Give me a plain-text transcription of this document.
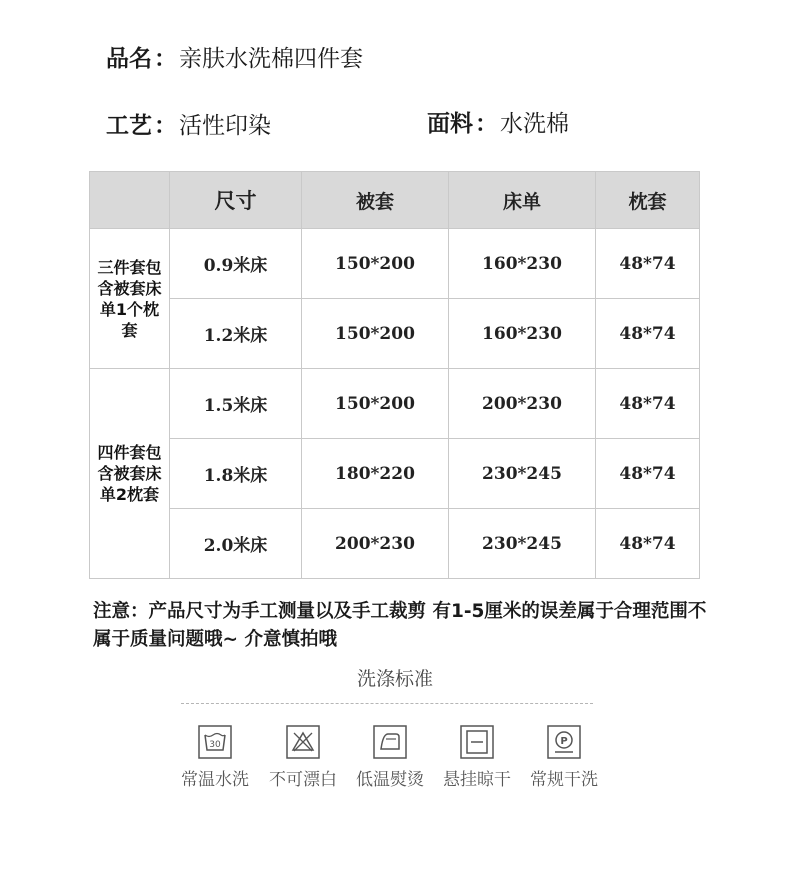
品名：亲肤水洗棉四件套
工艺：活性印染	面料：水洗棉
	尺寸	被套	床单	枕套
三件套包含被套床单1个枕套	0.9米床	150*200	160*230	48*74
	1.2米床	150*200	160*230	48*74
四件套包含被套床单2枕套	1.5米床	150*200	200*230	48*74
	1.8米床	180*220	230*245	48*74
	2.0米床	200*230	230*245	48*74
注意：产品尺寸为手工测量以及手工裁剪 有1-5厘米的误差属于合理范围不属于质量问题哦~ 介意慎拍哦
洗涤标准
30
常温水洗	不可漂白	低温熨烫	悬挂晾干
P
常规干洗
